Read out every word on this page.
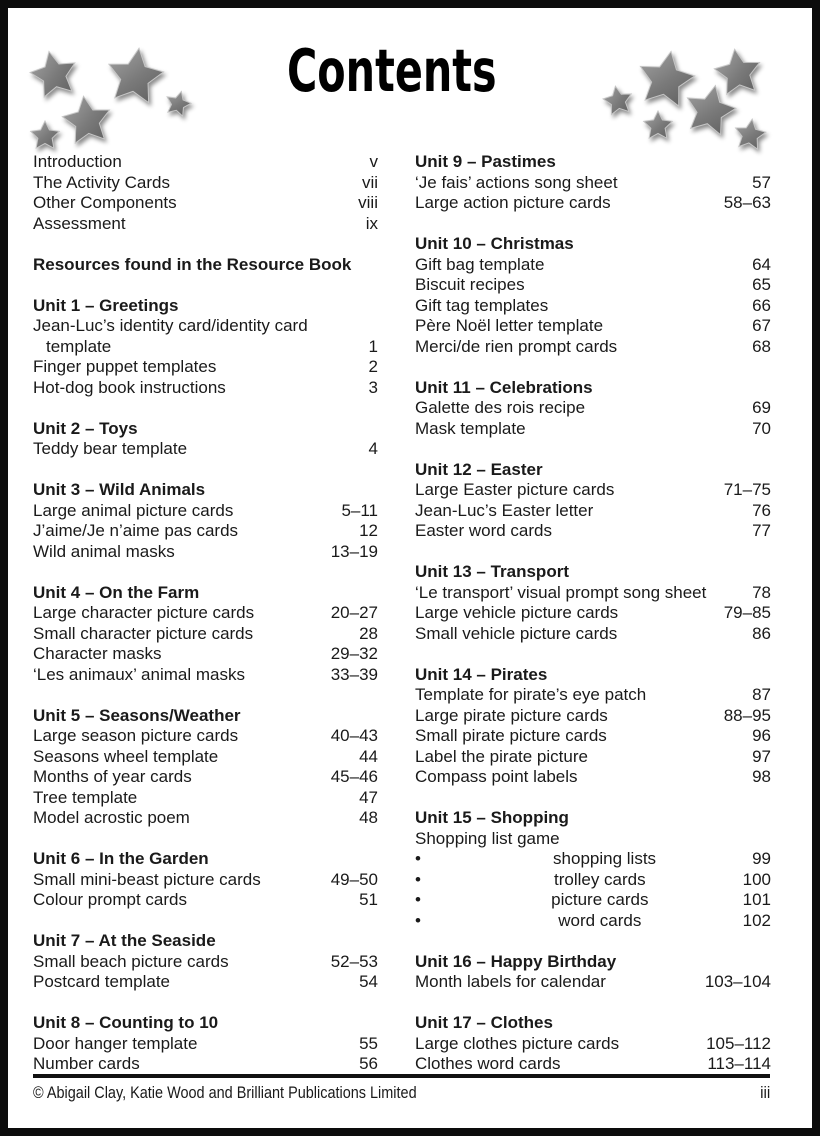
Contents
Introduction	v
The Activity Cards	vii
Other Components	viii
Assessment	ix
Resources found in the Resource Book
Unit 1 – Greetings
Jean-Luc’s identity card/identity card
template	1
Finger puppet templates	2
Hot-dog book instructions	3
Unit 2 – Toys
Teddy bear template	4
Unit 3 – Wild Animals
Large animal picture cards	5–11
J’aime/Je n’aime pas cards	12
Wild animal masks	13–19
Unit 4 – On the Farm
Large character picture cards	20–27
Small character picture cards	28
Character masks	29–32
‘Les animaux’ animal masks	33–39
Unit 5 – Seasons/Weather
Large season picture cards	40–43
Seasons wheel template	44
Months of year cards	45–46
Tree template	47
Model acrostic poem	48
Unit 6 – In the Garden
Small mini-beast picture cards	49–50
Colour prompt cards	51
Unit 7 – At the Seaside
Small beach picture cards	52–53
Postcard template	54
Unit 8 – Counting to 10
Door hanger template	55
Number cards	56
Unit 9 – Pastimes
‘Je fais’ actions song sheet	57
Large action picture cards	58–63
Unit 10 – Christmas
Gift bag template	64
Biscuit recipes	65
Gift tag templates	66
Père Noël letter template	67
Merci/de rien prompt cards	68
Unit 11 – Celebrations
Galette des rois recipe	69
Mask template	70
Unit 12 – Easter
Large Easter picture cards	71–75
Jean-Luc’s Easter letter	76
Easter word cards	77
Unit 13 – Transport
‘Le transport’ visual prompt song sheet	78
Large vehicle picture cards	79–85
Small vehicle picture cards	86
Unit 14 – Pirates
Template for pirate’s eye patch	87
Large pirate picture cards	88–95
Small pirate picture cards	96
Label the pirate picture	97
Compass point labels	98
Unit 15 – Shopping
Shopping list game
•	shopping lists	99
•	trolley cards	100
•	picture cards	101
•	word cards	102
Unit 16 – Happy Birthday
Month labels for calendar	103–104
Unit 17 – Clothes
Large clothes picture cards	105–112
Clothes word cards	113–114
© Abigail Clay, Katie Wood and Brilliant Publications Limited	iii
